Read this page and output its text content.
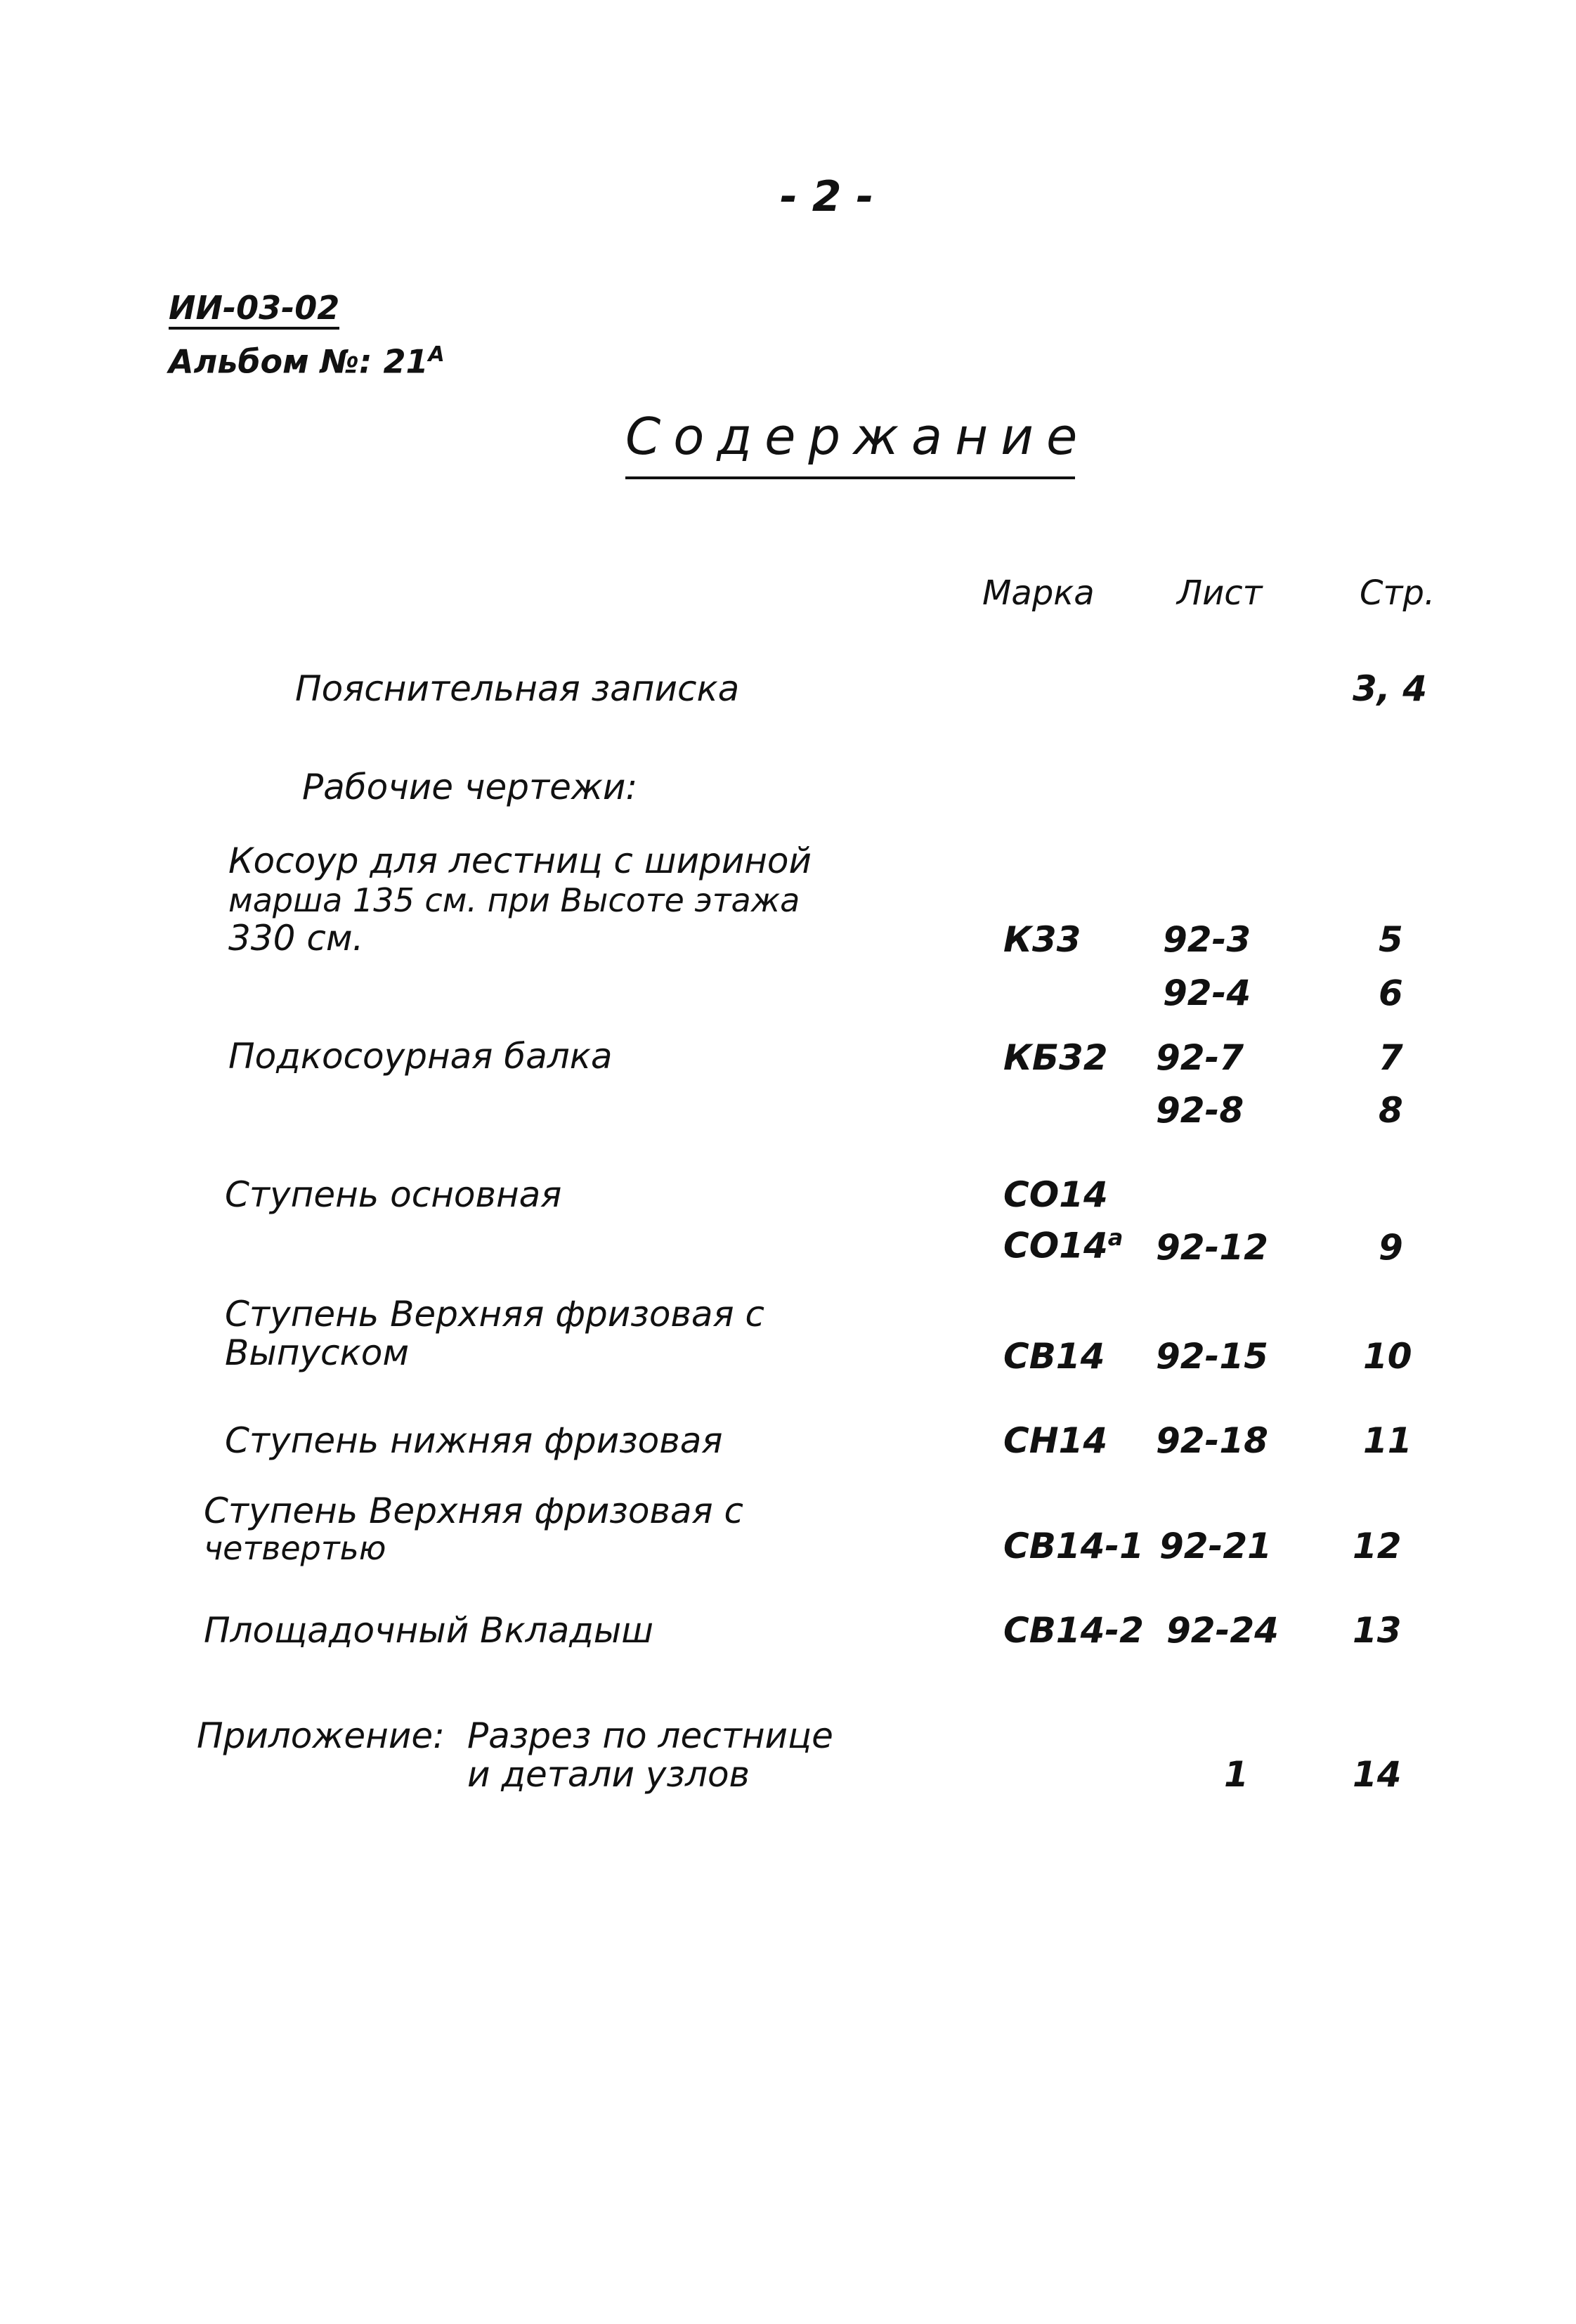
- 2 -
ИИ-03-02
Альбом №: $21^А$
Содержание
Марка Лист	Стр.
Пояснительная записка	3, 4
Рабочие чертежи:
Косоур для лестниц с шириной
марша 135 см. при Высоте этажа
330 см.	К33 92-3	5
92-4	6
Подкосоурная балка	КБ32 92-7	7
92-8	8
Ступень основная	СО14
$СО14^а$ 92-12	9
Ступень Верхняя фризовая с
Выпуском	СВ14 92-15	10
Ступень нижняя фризовая	СН14 92-18	11
Ступень Верхняя фризовая с
четвертью	СВ14-1 92-21 12
Площадочный Вкладыш	СВ14-2 92-24 13
Приложение: Разрез по лестнице
и детали узлов	1	14
